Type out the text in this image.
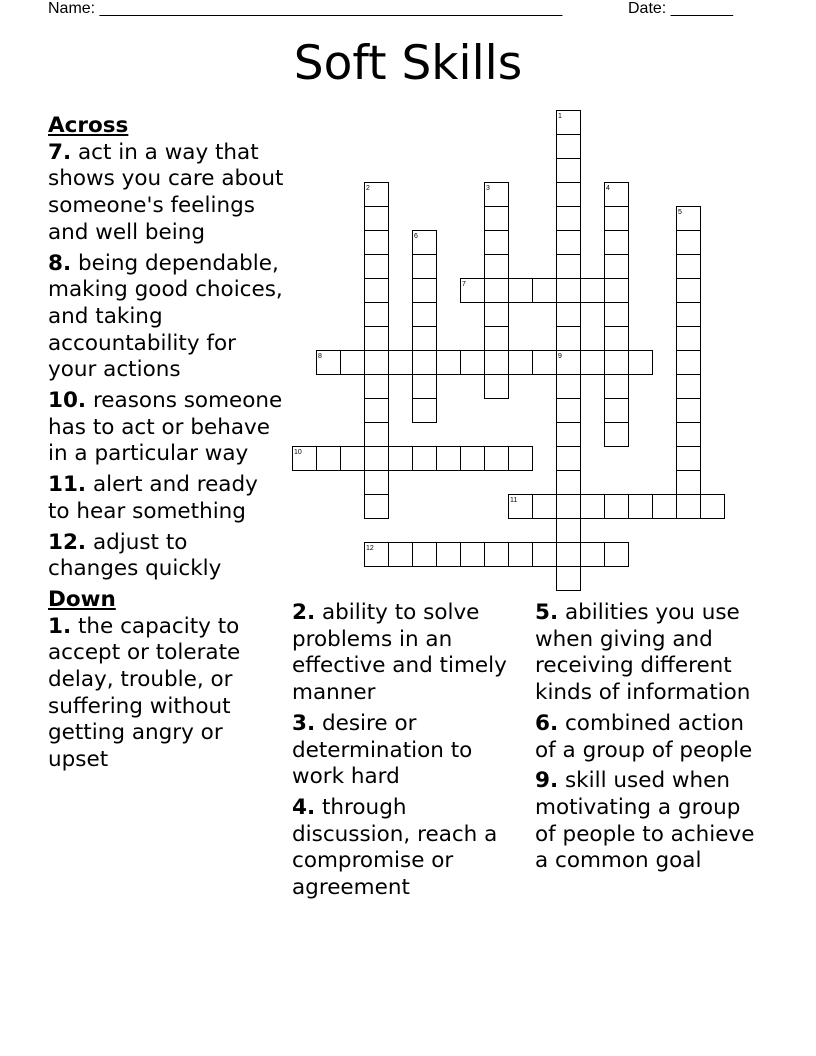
Name: ____________________________________________________	Date: _______
Soft Skills
1
2	3	4
5
6
7
8	9
10
11
12

Across

7. act in a way that shows you care about someone's feelings and well being

8. being dependable, making good choices, and taking accountability for your actions

10. reasons someone has to act or behave in a particular way

11. alert and ready to hear something

12. adjust to changes quickly

Down

1. the capacity to accept or tolerate delay, trouble, or suffering without getting angry or upset

2. ability to solve problems in an effective and timely manner

3. desire or determination to work hard

4. through discussion, reach a compromise or agreement

5. abilities you use when giving and receiving different kinds of information

6. combined action of a group of people

9. skill used when motivating a group of people to achieve a common goal
